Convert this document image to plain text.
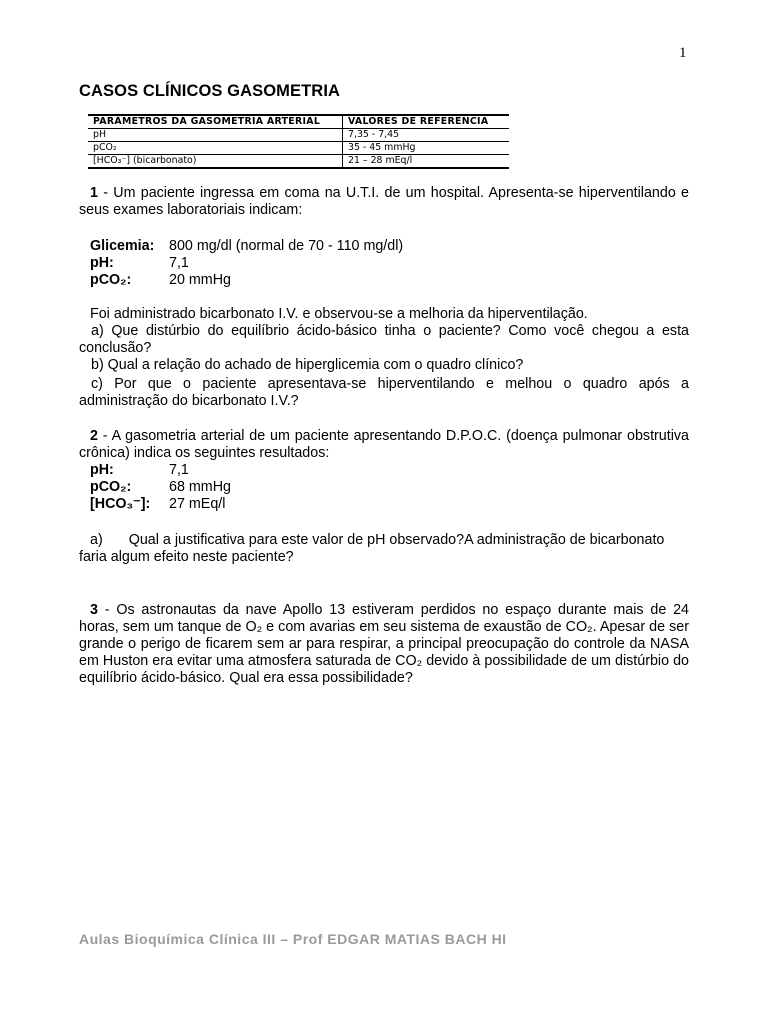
1
CASOS CLÍNICOS GASOMETRIA
PARÂMETROS DA GASOMETRIA ARTERIAL	VALORES DE REFERÊNCIA
pH	7,35 - 7,45
pCO₂	35 - 45 mmHg
[HCO₃⁻] (bicarbonato)	21 – 28 mEq/l
1 - Um paciente ingressa em coma na U.T.I. de um hospital. Apresenta-se hiperventilando e seus exames laboratoriais indicam:
Glicemia: 800 mg/dl (normal de 70 - 110 mg/dl)
pH:	7,1
pCO₂:	20 mmHg
Foi administrado bicarbonato I.V. e observou-se a melhoria da hiperventilação.
a) Que distúrbio do equilíbrio ácido-básico tinha o paciente? Como você chegou a esta conclusão?
b) Qual a relação do achado de hiperglicemia com o quadro clínico?
c) Por que o paciente apresentava-se hiperventilando e melhou o quadro após a administração do bicarbonato I.V.?
2 - A gasometria arterial de um paciente apresentando D.P.O.C. (doença pulmonar obstrutiva crônica) indica os seguintes resultados:
pH:	7,1
pCO₂:	68 mmHg
[HCO₃⁻]: 27 mEq/l
a) Qual a justificativa para este valor de pH observado?A administração de bicarbonato faria algum efeito neste paciente?
3 - Os astronautas da nave Apollo 13 estiveram perdidos no espaço durante mais de 24 horas, sem um tanque de O₂ e com avarias em seu sistema de exaustão de CO₂. Apesar de ser grande o perigo de ficarem sem ar para respirar, a principal preocupação do controle da NASA em Huston era evitar uma atmosfera saturada de CO₂ devido à possibilidade de um distúrbio do equilíbrio ácido-básico. Qual era essa possibilidade?
Aulas Bioquímica Clínica III – Prof EDGAR MATIAS BACH HI
